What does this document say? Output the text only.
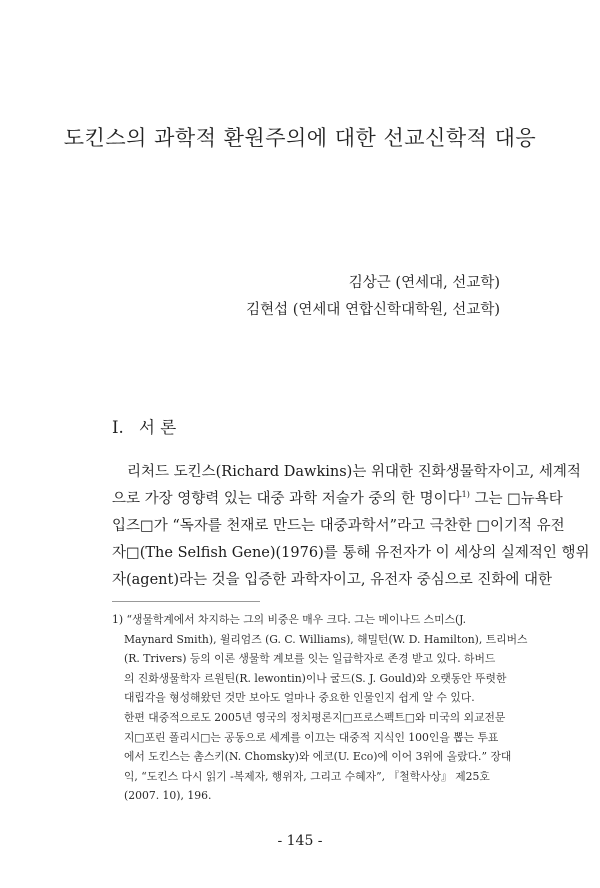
도킨스의 과학적 환원주의에 대한 선교신학적 대응
김상근 (연세대, 선교학)
김현섭 (연세대 연합신학대학원, 선교학)
I. 서 론
리처드 도킨스(Richard Dawkins)는 위대한 진화생물학자이고, 세계적
으로 가장 영향력 있는 대중 과학 저술가 중의 한 명이다$^{1)}$ 그는 □뉴욕타
입즈□가 “독자를 천재로 만드는 대중과학서”라고 극찬한 □이기적 유전
자□(The Selfish Gene)(1976)를 통해 유전자가 이 세상의 실제적인 행위
자(agent)라는 것을 입증한 과학자이고, 유전자 중심으로 진화에 대한
1) “생물학계에서 차지하는 그의 비중은 매우 크다. 그는 메이나드 스미스(J.
Maynard Smith), 윌리엄즈 (G. C. Williams), 해밀턴(W. D. Hamilton), 트리버스
(R. Trivers) 등의 이론 생물학 계보를 잇는 일급학자로 존경 받고 있다. 하버드
의 진화생물학자 르원틴(R. lewontin)이나 굴드(S. J. Gould)와 오랫동안 뚜렷한
대립각을 형성해왔던 것만 보아도 얼마나 중요한 인물인지 쉽게 알 수 있다.
한편 대중적으로도 2005년 영국의 정치평론지□프로스펙트□와 미국의 외교전문
지□포린 폴리시□는 공동으로 세계를 이끄는 대중적 지식인 100인을 뽑는 투표
에서 도킨스는 촘스키(N. Chomsky)와 에코(U. Eco)에 이어 3위에 올랐다.” 장대
익, “도킨스 다시 읽기 -복제자, 행위자, 그리고 수혜자”, 『철학사상』 제25호
(2007. 10), 196.
- 145 -
